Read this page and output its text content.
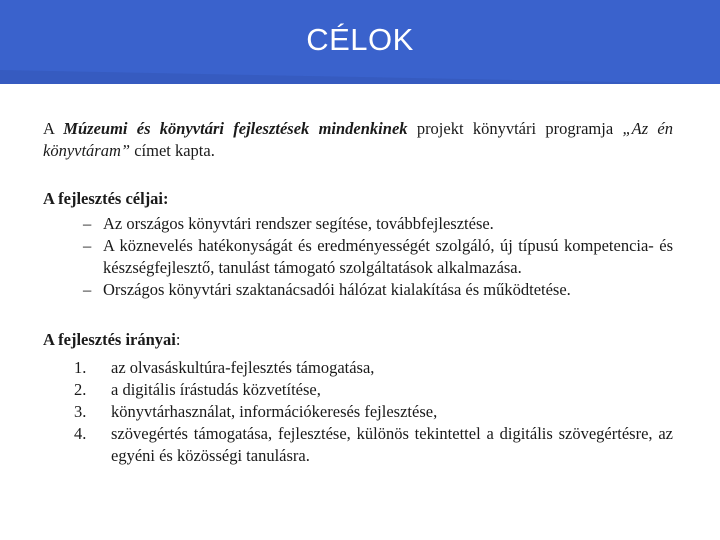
CÉLOK

A Múzeumi és könyvtári fejlesztések mindenkinek projekt könyvtári programja „Az én könyvtáram” címet kapta.

A fejlesztés céljai:
– Az országos könyvtári rendszer segítése, továbbfejlesztése.
– A köznevelés hatékonyságát és eredményességét szolgáló, új típusú kompetencia- és készségfejlesztő, tanulást támogató szolgáltatások alkalmazása.
– Országos könyvtári szaktanácsadói hálózat kialakítása és működtetése.
A fejlesztés irányai:
1.	az olvasáskultúra-fejlesztés támogatása,
2.	a digitális írástudás közvetítése,
3.	könyvtárhasználat, információkeresés fejlesztése,
4.	szövegértés támogatása, fejlesztése, különös tekintettel a digitális szövegértésre, az egyéni és közösségi tanulásra.
